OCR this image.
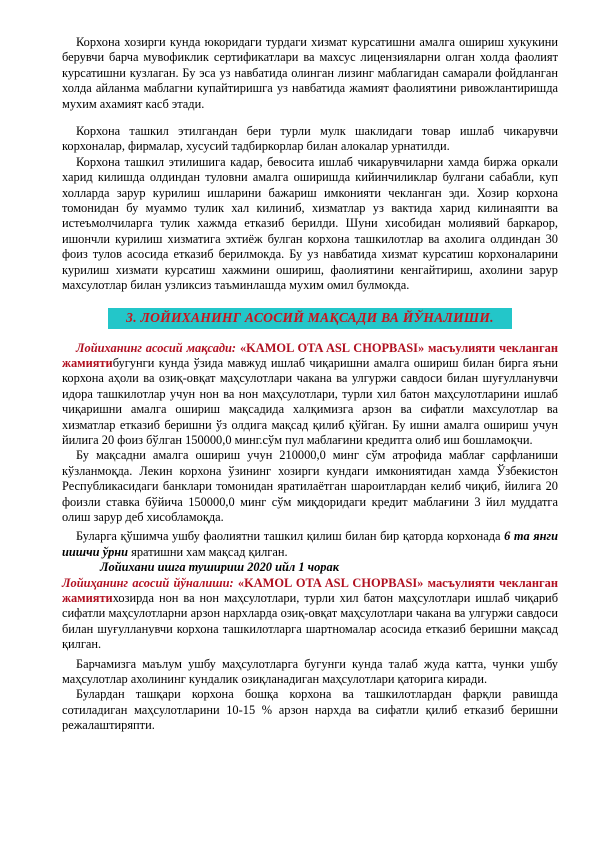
Корхона хозирги кунда юкоридаги турдаги хизмат курсатишни амалга ошириш хукукини берувчи барча мувофиклик сертификатлари ва махсус лицензияларни олган холда фаолият курсатишни кузлаган. Бу эса уз навбатида олинган лизинг маблагидан самарали фойдланган холда айланма маблагни купайтиришга уз навбатида жамият фаолиятини ривожлантиришда мухим ахамият касб этади.

Корхона ташкил этилгандан бери турли мулк шаклидаги товар ишлаб чикарувчи корхоналар, фирмалар, хусусий тадбиркорлар билан алокалар урнатилди.

Корхона ташкил этилишига кадар, бевосита ишлаб чикарувчиларни хамда биржа оркали харид килишда олдиндан туловни амалга оширишда кийинчиликлар булгани сабабли, куп холларда зарур курилиш ишларини бажариш имконияти чекланган эди. Хозир корхона томонидан бу муаммо тулик хал килиниб, хизматлар уз вактида харид килинаяпти ва истеъмолчиларга тулик хажмда етказиб берилди. Шуни хисобидан молиявий баркарор, ишончли курилиш хизматига эхтиёж булган корхона ташкилотлар ва ахолига олдиндан 30 фоиз тулов асосида етказиб берилмокда. Бу уз навбатида хизмат курсатиш корхоналарини курилиш хизмати курсатиш хажмини ошириш, фаолиятини кенгайтириш, ахолини зарур махсулотлар билан узликсиз таъминлашда мухим омил булмокда.

3. ЛОЙИХАНИНГ АСОСИЙ МАҚСАДИ ВА ЙЎНАЛИШИ.

Лойиханинг асосий мақсади: «KAMOL OTA ASL CHOPBASI» масъулияти чекланган жамиятибугунги кунда ўзида мавжуд ишлаб чиқаришни амалга ошириш билан бирга яъни корхона аҳоли ва озиқ-овқат маҳсулотлари чакана ва улгуржи савдоси билан шуғулланувчи идора ташкилотлар учун нон ва нон маҳсулотлари, турли хил батон маҳсулотларини ишлаб чиқаришни амалга ошириш мақсадида халқимизга арзон ва сифатли махсулотлар ва хизматлар етказиб беришни ўз олдига мақсад қилиб қўйган. Бу ишни амалга ошириш учун йилига 20 фоиз бўлган 150000,0 минг.сўм пул маблағини кредитга олиб иш бошламоқчи.

Бу мақсадни амалга ошириш учун 210000,0 минг сўм атрофида маблағ сарфланиши кўзланмоқда. Лекин корхона ўзининг хозирги кундаги имкониятидан хамда Ўзбекистон Республикасидаги банклари томонидан яратилаётган шароитлардан келиб чиқиб, йилига 20 фоизли ставка бўйича 150000,0 минг сўм миқдоридаги кредит маблағини 3 йил муддатга олиш зарур деб хисобламоқда.

Буларга қўшимча ушбу фаолиятни ташкил қилиш билан бир қаторда корхонада 6 та янги иишчи ўрни яратишни хам мақсад қилган.

Лойихани ишга тушириш 2020 ийл 1 чорак

Лойиҳанинг асосий йўналиши: «KAMOL OTA ASL CHOPBASI» масъулияти чекланган жамиятихозирда нон ва нон маҳсулотлари, турли хил батон маҳсулотлари ишлаб чиқариб сифатли маҳсулотларни арзон нархларда озиқ-овқат маҳсулотлари чакана ва улгуржи савдоси билан шуғулланувчи корхона ташкилотларга шартномалар асосида етказиб беришни мақсад қилган.

Барчамизга маълум ушбу маҳсулотларга бугунги кунда талаб жуда катта, чунки ушбу маҳсулотлар ахолининг кундалик озиқланадиган маҳсулотлари қаторига киради.

Булардан ташқари корхона бошқа корхона ва ташкилотлардан фарқли равишда сотиладиган маҳсулотларини 10-15 % арзон нархда ва сифатли қилиб етказиб беришни режалаштиряпти.
